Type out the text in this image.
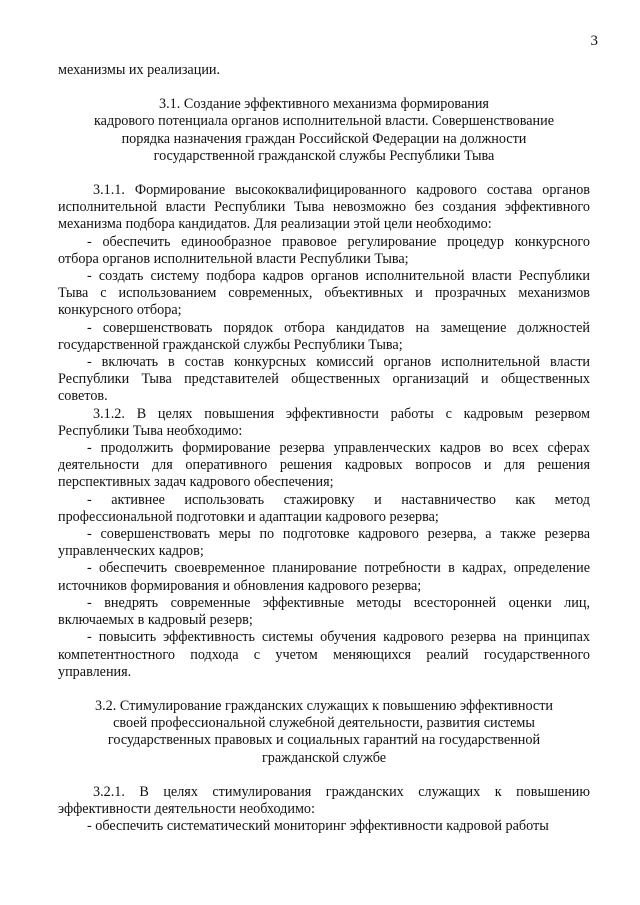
3

механизмы их реализации.

3.1. Создание эффективного механизма формирования
кадрового потенциала органов исполнительной власти. Совершенствование
порядка назначения граждан Российской Федерации на должности
государственной гражданской службы Республики Тыва

3.1.1. Формирование высококвалифицированного кадрового состава органов исполнительной власти Республики Тыва невозможно без создания эффективного механизма подбора кандидатов. Для реализации этой цели необходимо:

- обеспечить единообразное правовое регулирование процедур конкурсного отбора органов исполнительной власти Республики Тыва;

- создать систему подбора кадров органов исполнительной власти Республики Тыва с использованием современных, объективных и прозрачных механизмов конкурсного отбора;

- совершенствовать порядок отбора кандидатов на замещение должностей государственной гражданской службы Республики Тыва;

- включать в состав конкурсных комиссий органов исполнительной власти Республики Тыва представителей общественных организаций и общественных советов.

3.1.2. В целях повышения эффективности работы с кадровым резервом Республики Тыва необходимо:

- продолжить формирование резерва управленческих кадров во всех сферах деятельности для оперативного решения кадровых вопросов и для решения перспективных задач кадрового обеспечения;

- активнее использовать стажировку и наставничество как метод профессиональной подготовки и адаптации кадрового резерва;

- совершенствовать меры по подготовке кадрового резерва, а также резерва управленческих кадров;

- обеспечить своевременное планирование потребности в кадрах, определение источников формирования и обновления кадрового резерва;

- внедрять современные эффективные методы всесторонней оценки лиц, включаемых в кадровый резерв;

- повысить эффективность системы обучения кадрового резерва на принципах компетентностного подхода с учетом меняющихся реалий государственного управления.

3.2. Стимулирование гражданских служащих к повышению эффективности
своей профессиональной служебной деятельности, развития системы
государственных правовых и социальных гарантий на государственной
гражданской службе

3.2.1. В целях стимулирования гражданских служащих к повышению эффективности деятельности необходимо:

- обеспечить систематический мониторинг эффективности кадровой работы
